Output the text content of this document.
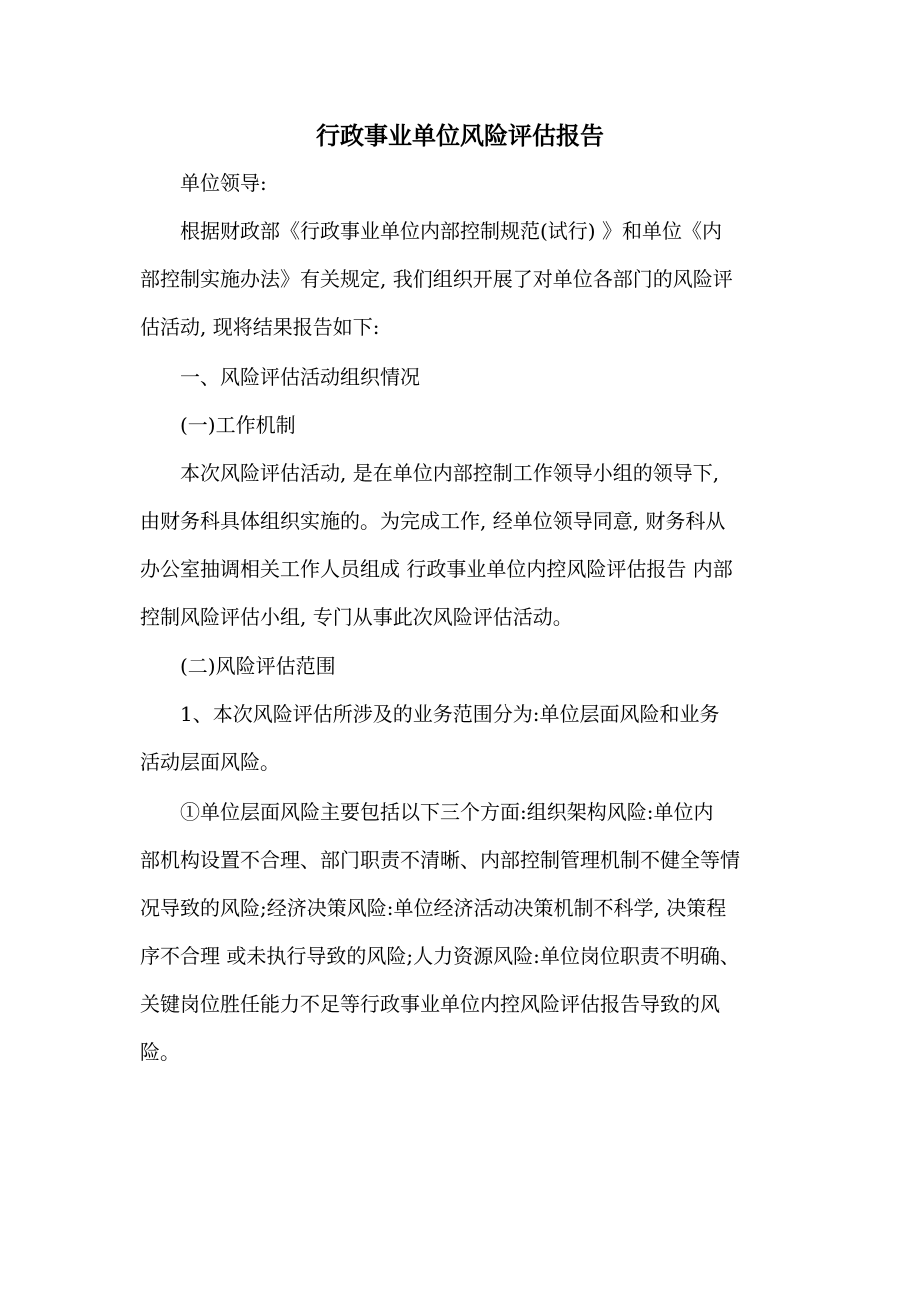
行政事业单位风险评估报告
单位领导:
根据财政部《行政事业单位内部控制规范(试行) 》和单位《内
部控制实施办法》有关规定, 我们组织开展了对单位各部门的风险评
估活动, 现将结果报告如下:
一、风险评估活动组织情况
(一)工作机制
本次风险评估活动, 是在单位内部控制工作领导小组的领导下,
由财务科具体组织实施的。为完成工作, 经单位领导同意, 财务科从
办公室抽调相关工作人员组成 行政事业单位内控风险评估报告 内部
控制风险评估小组, 专门从事此次风险评估活动。
(二)风险评估范围
1、本次风险评估所涉及的业务范围分为:单位层面风险和业务
活动层面风险。
①单位层面风险主要包括以下三个方面:组织架构风险:单位内
部机构设置不合理、部门职责不清晰、内部控制管理机制不健全等情
况导致的风险;经济决策风险:单位经济活动决策机制不科学, 决策程
序不合理 或未执行导致的风险;人力资源风险:单位岗位职责不明确、
关键岗位胜任能力不足等行政事业单位内控风险评估报告导致的风
险。
